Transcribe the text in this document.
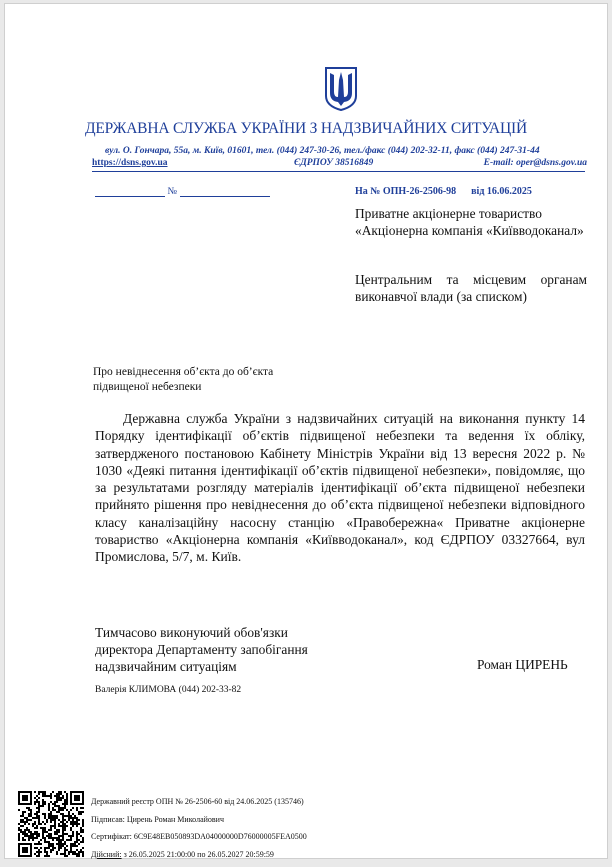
ДЕРЖАВНА СЛУЖБА УКРАЇНИ З НАДЗВИЧАЙНИХ СИТУАЦІЙ
вул. О. Гончара, 55а, м. Київ, 01601, тел. (044) 247-30-26, тел./факс (044) 202-32-11, факс (044) 247-31-44
https://dsns.gov.ua	ЄДРПОУ 38516849	E-mail: oper@dsns.gov.ua
№	На № ОПН-26-2506-98      від 16.06.2025
Приватне акціонерне товариство «Акціонерна компанія «Київводоканал»
Центральним та місцевим органам виконавчої влади (за списком)
Про невіднесення об’єкта до об’єкта підвищеної небезпеки
Державна служба України з надзвичайних ситуацій на виконання пункту 14 Порядку ідентифікації об’єктів підвищеної небезпеки та ведення їх обліку, затвердженого постановою Кабінету Міністрів України від 13 вересня 2022 р. № 1030 «Деякі питання ідентифікації об’єктів підвищеної небезпеки», повідомляє, що за результатами розгляду матеріалів ідентифікації об’єкта підвищеної небезпеки прийнято рішення про невіднесення до об’єкта підвищеної небезпеки відповідного класу каналізаційну насосну станцію «Правобережна« Приватне акціонерне товариство «Акціонерна компанія «Київводоканал», код ЄДРПОУ 03327664, вул Промислова, 5/7, м. Київ.
Тимчасово виконуючий обов'язки
директора Департаменту запобігання
надзвичайним ситуаціям	Роман ЦИРЕНЬ
Валерія КЛИМОВА (044) 202-33-82
Державний реєстр ОПН № 26-2506-60 від 24.06.2025 (135746)
Підписав: Цирень Роман Миколайович
Сертифікат: 6C9E48EB050893DA04000000D76000005FEA0500
Дійсний: з 26.05.2025 21:00:00 по 26.05.2027 20:59:59
